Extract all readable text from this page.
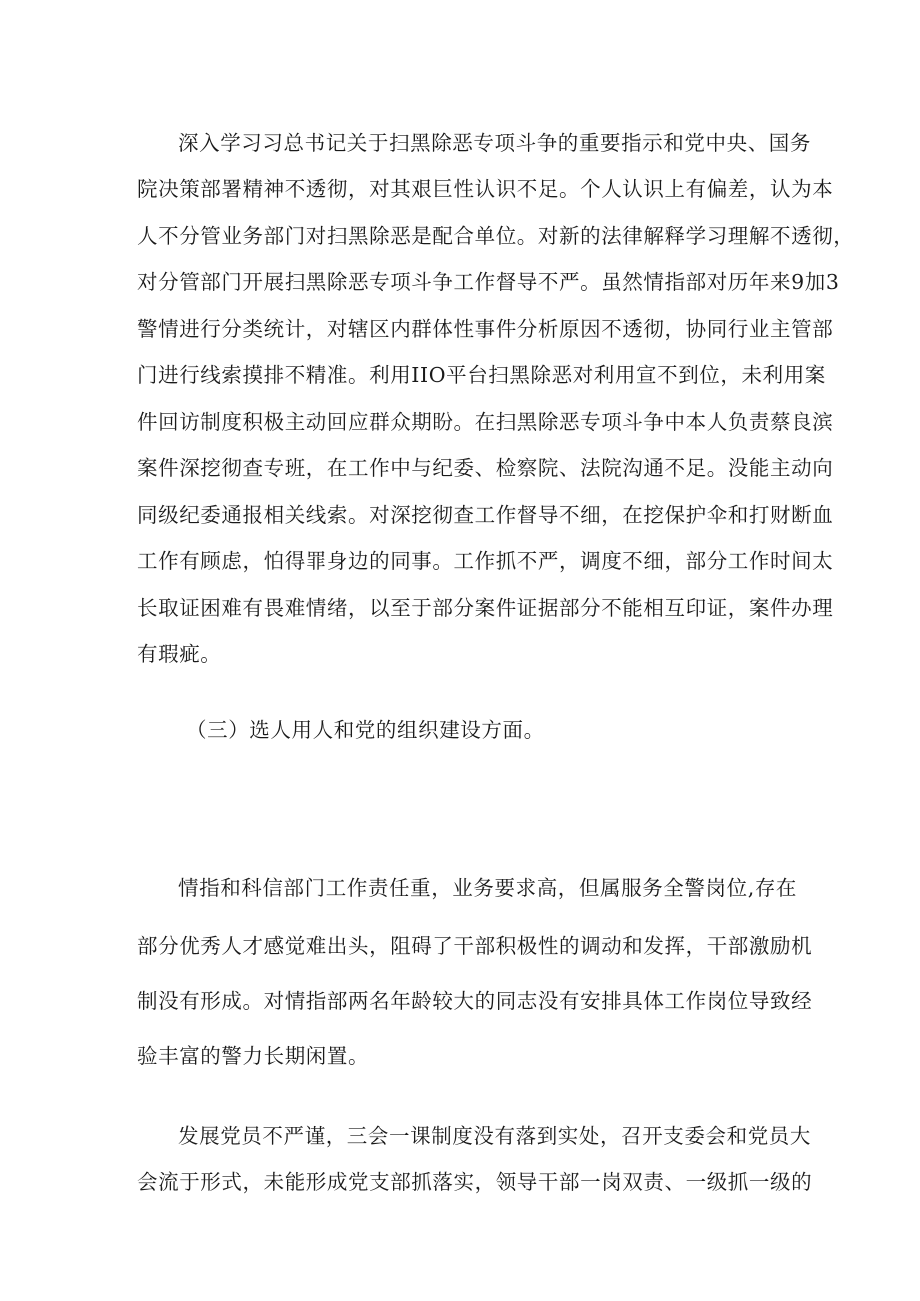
深入学习习总书记关于扫黑除恶专项斗争的重要指示和党中央、国务
院决策部署精神不透彻，对其艰巨性认识不足。个人认识上有偏差，认为本
人不分管业务部门对扫黑除恶是配合单位。对新的法律解释学习理解不透彻，
对分管部门开展扫黑除恶专项斗争工作督导不严。虽然情指部对历年来9加3
警情进行分类统计，对辖区内群体性事件分析原因不透彻，协同行业主管部
门进行线索摸排不精准。利用IIO平台扫黑除恶对利用宣不到位，未利用案
件回访制度积极主动回应群众期盼。在扫黑除恶专项斗争中本人负责蔡良滨
案件深挖彻查专班，在工作中与纪委、检察院、法院沟通不足。没能主动向
同级纪委通报相关线索。对深挖彻查工作督导不细，在挖保护伞和打财断血
工作有顾虑，怕得罪身边的同事。工作抓不严，调度不细，部分工作时间太
长取证困难有畏难情绪，以至于部分案件证据部分不能相互印证，案件办理
有瑕疵。
（三）选人用人和党的组织建设方面。
情指和科信部门工作责任重，业务要求高，但属服务全警岗位,存在
部分优秀人才感觉难出头，阻碍了干部积极性的调动和发挥，干部激励机
制没有形成。对情指部两名年龄较大的同志没有安排具体工作岗位导致经
验丰富的警力长期闲置。
发展党员不严谨，三会一课制度没有落到实处，召开支委会和党员大
会流于形式，未能形成党支部抓落实，领导干部一岗双责、一级抓一级的
